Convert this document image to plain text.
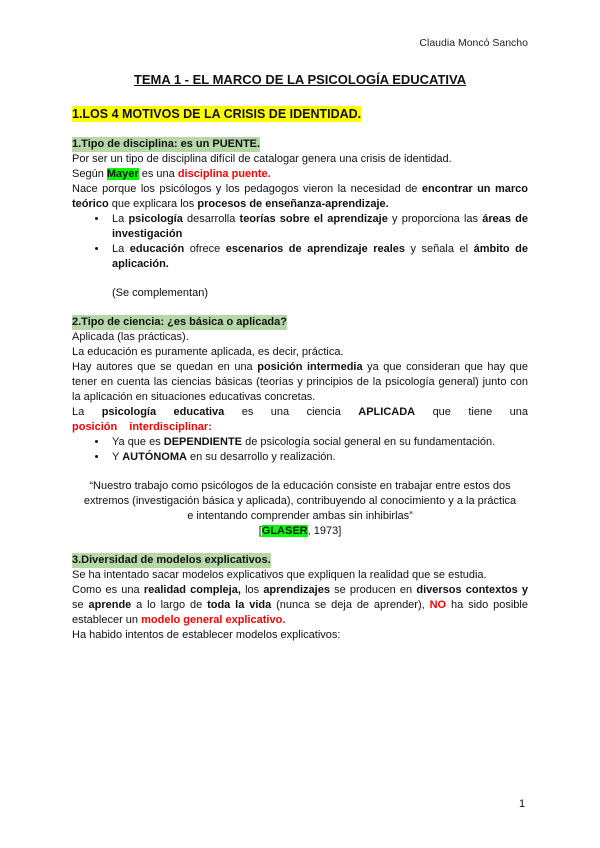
Claudia Moncó Sancho
TEMA 1 - EL MARCO DE LA PSICOLOGÍA EDUCATIVA
1.LOS 4 MOTIVOS DE LA CRISIS DE IDENTIDAD.
1.Tipo de disciplina: es un PUENTE.

Por ser un tipo de disciplina difícil de catalogar genera una crisis de identidad.

Según Mayer es una disciplina puente.

Nace porque los psicólogos y los pedagogos vieron la necesidad de encontrar un marco teórico que explicara los procesos de enseñanza-aprendizaje.

• La psicología desarrolla teorías sobre el aprendizaje y proporciona las áreas de investigación
• La educación ofrece escenarios de aprendizaje reales y señala el ámbito de aplicación.

(Se complementan)

2.Tipo de ciencia: ¿es básica o aplicada?

Aplicada (las prácticas).

La educación es puramente aplicada, es decir, práctica.

Hay autores que se quedan en una posición intermedia ya que consideran que hay que tener en cuenta las ciencias básicas (teorías y principios de la psicología general) junto con la aplicación en situaciones educativas concretas.

La psicología educativa es una ciencia APLICADA que tiene una posición interdisciplinar:

• Ya que es DEPENDIENTE de psicología social general en su fundamentación.
• Y AUTÓNOMA en su desarrollo y realización.

“Nuestro trabajo como psicólogos de la educación consiste en trabajar entre estos dos extremos (investigación básica y aplicada), contribuyendo al conocimiento y a la práctica e intentando comprender ambas sin inhibirlas”

[GLASER, 1973]

3.Diversidad de modelos explicativos.

Se ha intentado sacar modelos explicativos que expliquen la realidad que se estudia.

Como es una realidad compleja, los aprendizajes se producen en diversos contextos y se aprende a lo largo de toda la vida (nunca se deja de aprender), NO ha sido posible establecer un modelo general explicativo.

Ha habido intentos de establecer modelos explicativos:

1
